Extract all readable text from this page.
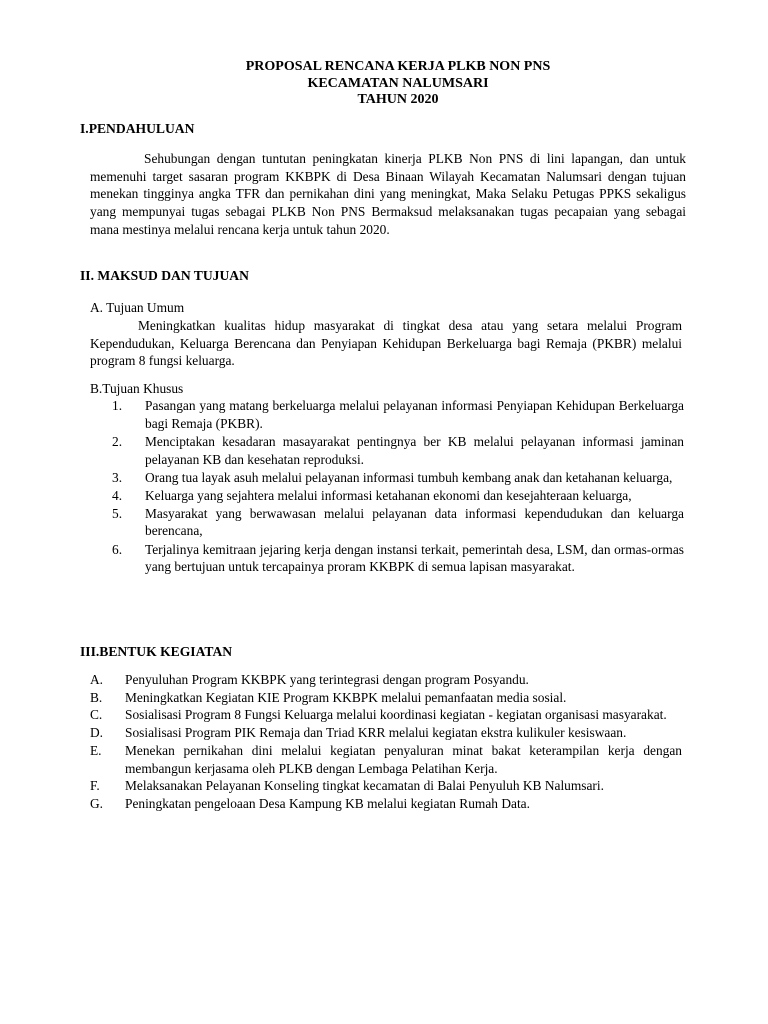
PROPOSAL RENCANA KERJA PLKB NON PNS
KECAMATAN NALUMSARI
TAHUN 2020
I.PENDAHULUAN
Sehubungan dengan tuntutan peningkatan kinerja PLKB Non PNS di lini lapangan, dan untuk memenuhi target sasaran program KKBPK di Desa Binaan Wilayah Kecamatan Nalumsari dengan tujuan menekan tingginya angka TFR dan pernikahan dini yang meningkat, Maka Selaku Petugas PPKS sekaligus yang mempunyai tugas sebagai PLKB Non PNS Bermaksud melaksanakan tugas pecapaian yang sebagai mana mestinya melalui rencana kerja untuk tahun 2020.
II. MAKSUD DAN TUJUAN
A. Tujuan Umum
Meningkatkan kualitas hidup masyarakat di tingkat desa atau yang setara melalui Program Kependudukan, Keluarga Berencana dan Penyiapan Kehidupan Berkeluarga bagi Remaja (PKBR) melalui program 8 fungsi keluarga.
B.Tujuan Khusus
1. Pasangan yang matang berkeluarga melalui pelayanan informasi Penyiapan Kehidupan Berkeluarga bagi Remaja (PKBR).
2. Menciptakan kesadaran masayarakat pentingnya ber KB melalui pelayanan informasi jaminan pelayanan KB dan kesehatan reproduksi.
3. Orang tua layak asuh melalui pelayanan informasi tumbuh kembang anak dan ketahanan keluarga,
4. Keluarga yang sejahtera melalui informasi ketahanan ekonomi dan kesejahteraan keluarga,
5. Masyarakat yang berwawasan melalui pelayanan data informasi kependudukan dan keluarga berencana,
6. Terjalinya kemitraan jejaring kerja dengan instansi terkait, pemerintah desa, LSM, dan ormas-ormas yang bertujuan untuk tercapainya proram KKBPK di semua lapisan masyarakat.
III.BENTUK KEGIATAN
A. Penyuluhan Program KKBPK yang terintegrasi dengan program Posyandu.
B. Meningkatkan Kegiatan KIE Program KKBPK melalui pemanfaatan media sosial.
C. Sosialisasi Program 8 Fungsi Keluarga melalui koordinasi kegiatan - kegiatan organisasi masyarakat.
D. Sosialisasi Program PIK Remaja dan Triad KRR melalui kegiatan ekstra kulikuler kesiswaan.
E. Menekan pernikahan dini melalui kegiatan penyaluran minat bakat keterampilan kerja dengan membangun kerjasama oleh PLKB dengan Lembaga Pelatihan Kerja.
F. Melaksanakan Pelayanan Konseling tingkat kecamatan di Balai Penyuluh KB Nalumsari.
G. Peningkatan pengeloaan Desa Kampung KB melalui kegiatan Rumah Data.
